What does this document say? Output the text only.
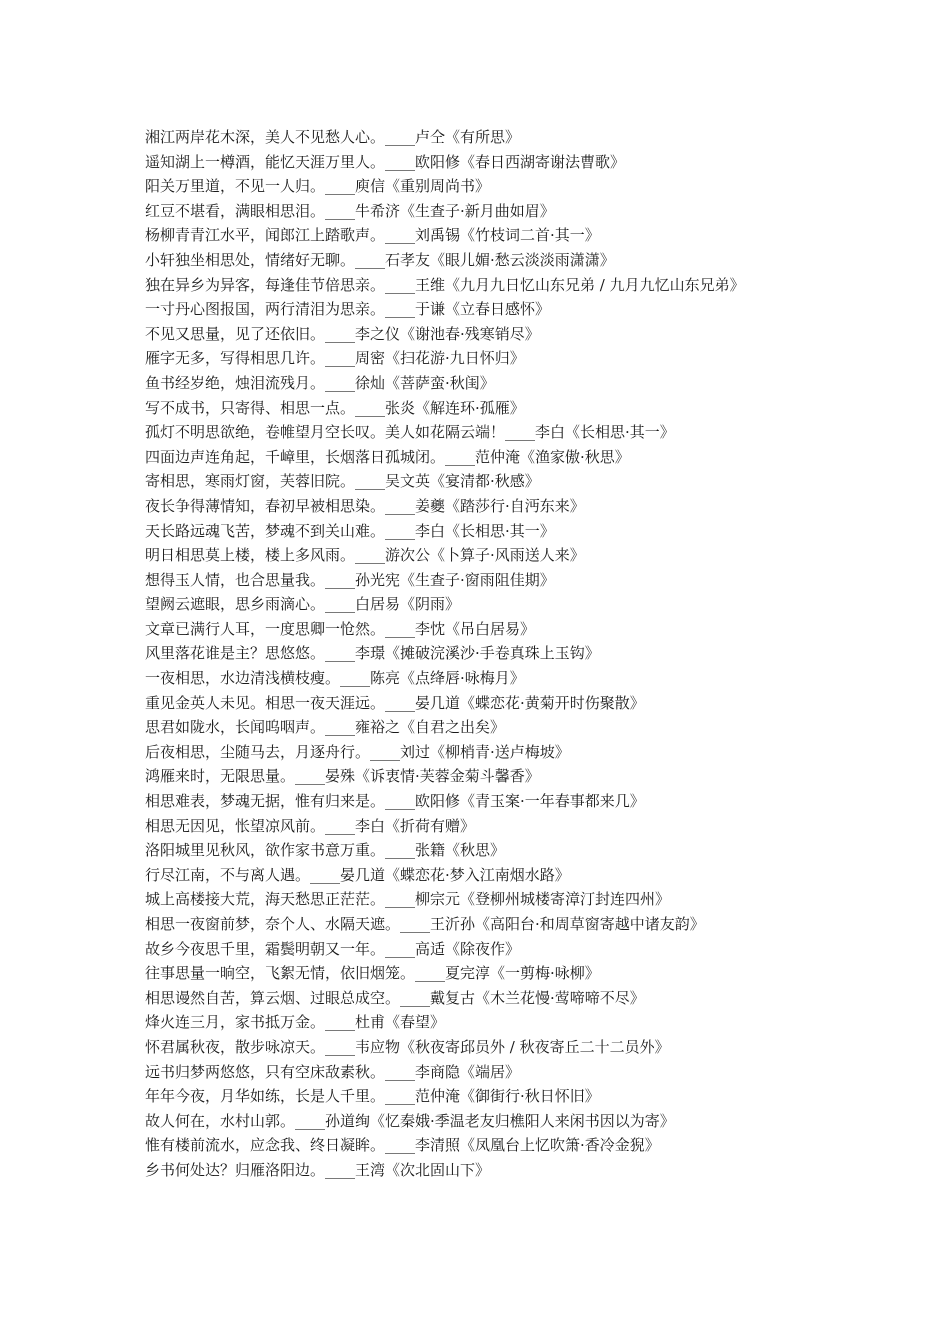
湘江两岸花木深，美人不见愁人心。____卢仝《有所思》

遥知湖上一樽酒，能忆天涯万里人。____欧阳修《春日西湖寄谢法曹歌》

阳关万里道，不见一人归。____庾信《重别周尚书》

红豆不堪看，满眼相思泪。____牛希济《生查子·新月曲如眉》

杨柳青青江水平，闻郎江上踏歌声。____刘禹锡《竹枝词二首·其一》

小轩独坐相思处，情绪好无聊。____石孝友《眼儿媚·愁云淡淡雨潇潇》

独在异乡为异客，每逢佳节倍思亲。____王维《九月九日忆山东兄弟 / 九月九忆山东兄弟》

一寸丹心图报国，两行清泪为思亲。____于谦《立春日感怀》

不见又思量，见了还依旧。____李之仪《谢池春·残寒销尽》

雁字无多，写得相思几许。____周密《扫花游·九日怀归》

鱼书经岁绝，烛泪流残月。____徐灿《菩萨蛮·秋闺》

写不成书，只寄得、相思一点。____张炎《解连环·孤雁》

孤灯不明思欲绝，卷帷望月空长叹。美人如花隔云端！____李白《长相思·其一》

四面边声连角起，千嶂里，长烟落日孤城闭。____范仲淹《渔家傲·秋思》

寄相思，寒雨灯窗，芙蓉旧院。____吴文英《宴清都·秋感》

夜长争得薄情知，春初早被相思染。____姜夔《踏莎行·自沔东来》

天长路远魂飞苦，梦魂不到关山难。____李白《长相思·其一》

明日相思莫上楼，楼上多风雨。____游次公《卜算子·风雨送人来》

想得玉人情，也合思量我。____孙光宪《生查子·窗雨阻佳期》

望阙云遮眼，思乡雨滴心。____白居易《阴雨》

文章已满行人耳，一度思卿一怆然。____李忱《吊白居易》

风里落花谁是主？思悠悠。____李璟《摊破浣溪沙·手卷真珠上玉钩》

一夜相思，水边清浅横枝瘦。____陈亮《点绛唇·咏梅月》

重见金英人未见。相思一夜天涯远。____晏几道《蝶恋花·黄菊开时伤聚散》

思君如陇水，长闻呜咽声。____雍裕之《自君之出矣》

后夜相思，尘随马去，月逐舟行。____刘过《柳梢青·送卢梅坡》

鸿雁来时，无限思量。____晏殊《诉衷情·芙蓉金菊斗馨香》

相思难表，梦魂无据，惟有归来是。____欧阳修《青玉案·一年春事都来几》

相思无因见，怅望凉风前。____李白《折荷有赠》

洛阳城里见秋风，欲作家书意万重。____张籍《秋思》

行尽江南，不与离人遇。____晏几道《蝶恋花·梦入江南烟水路》

城上高楼接大荒，海天愁思正茫茫。____柳宗元《登柳州城楼寄漳汀封连四州》

相思一夜窗前梦，奈个人、水隔天遮。____王沂孙《高阳台·和周草窗寄越中诸友韵》

故乡今夜思千里，霜鬓明朝又一年。____高适《除夜作》

往事思量一晌空，飞絮无情，依旧烟笼。____夏完淳《一剪梅·咏柳》

相思谩然自苦，算云烟、过眼总成空。____戴复古《木兰花慢·莺啼啼不尽》

烽火连三月，家书抵万金。____杜甫《春望》

怀君属秋夜，散步咏凉天。____韦应物《秋夜寄邱员外 / 秋夜寄丘二十二员外》

远书归梦两悠悠，只有空床敌素秋。____李商隐《端居》

年年今夜，月华如练，长是人千里。____范仲淹《御街行·秋日怀旧》

故人何在，水村山郭。____孙道绚《忆秦娥·季温老友归樵阳人来闲书因以为寄》

惟有楼前流水，应念我、终日凝眸。____李清照《凤凰台上忆吹箫·香冷金猊》

乡书何处达？归雁洛阳边。____王湾《次北固山下》
